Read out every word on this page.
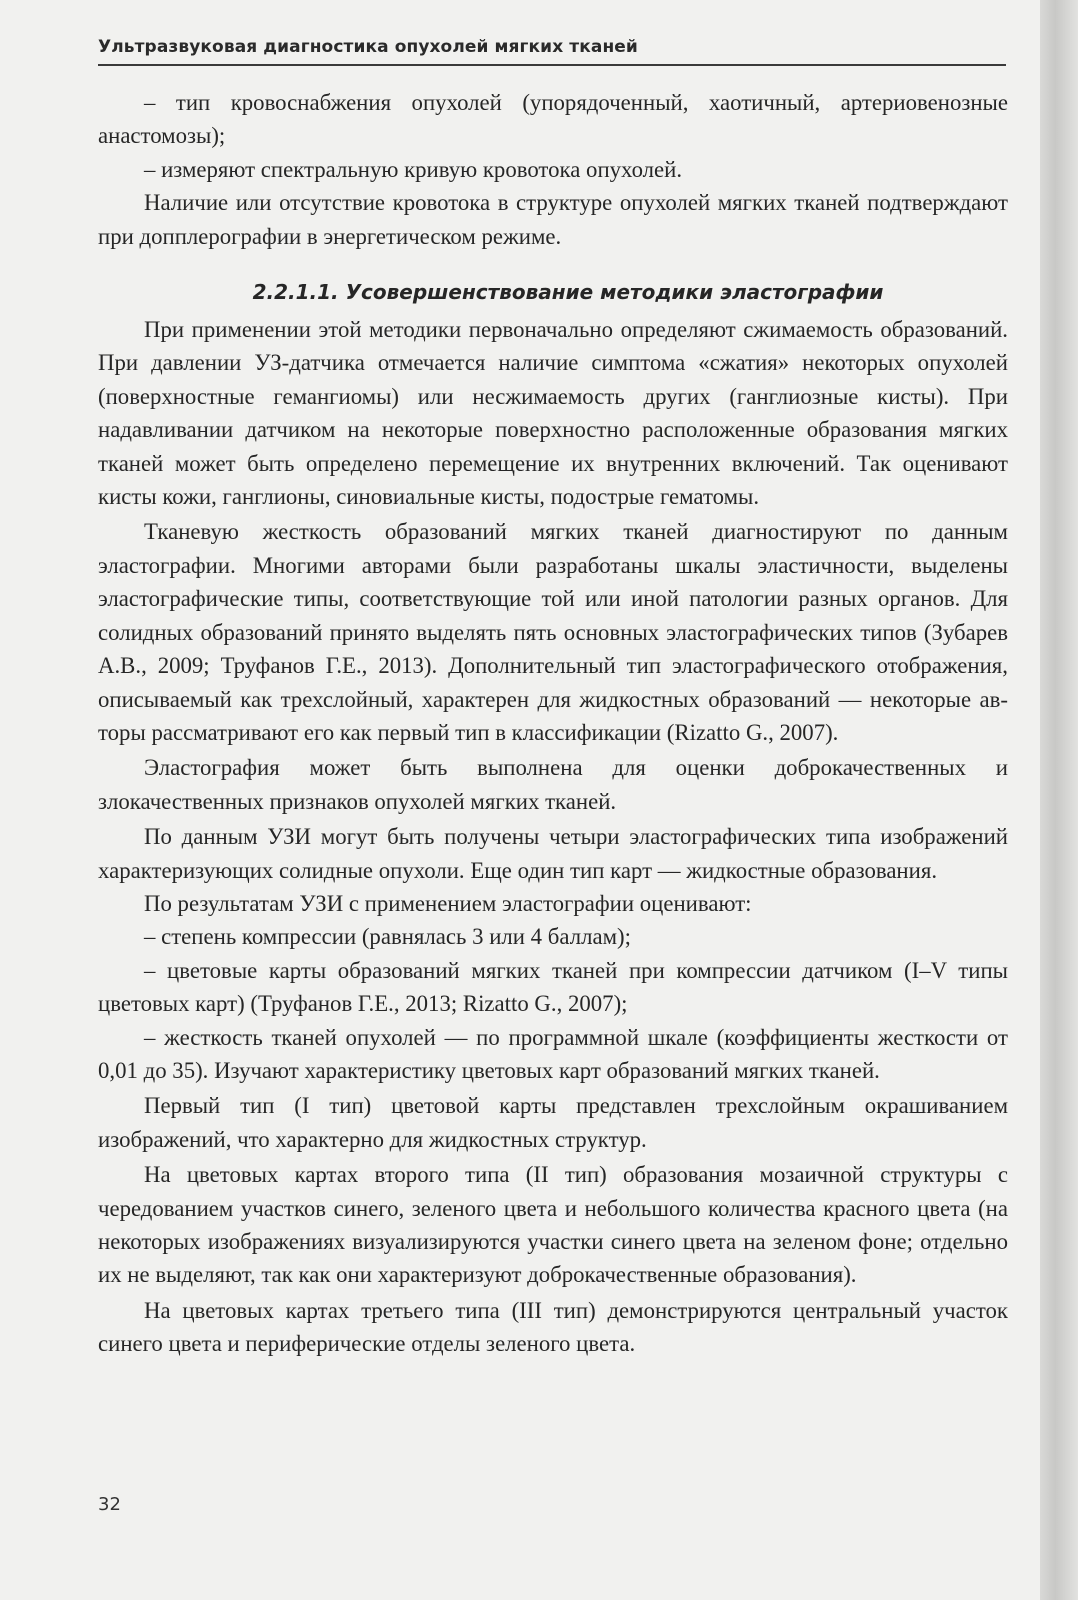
Ультразвуковая диагностика опухолей мягких тканей

– тип кровоснабжения опухолей (упорядоченный, хаотичный, артериовенозные анастомозы);

– измеряют спектральную кривую кровотока опухолей.

Наличие или отсутствие кровотока в структуре опухолей мягких тканей подтверждают при допплерографии в энергетическом режиме.

2.2.1.1. Усовершенствование методики эластографии

При применении этой методики первоначально определяют сжимаемость образований. При давлении УЗ-датчика отмечается наличие симптома «сжатия» некоторых опухолей (поверхностные гемангиомы) или несжимаемость других (ганглиозные кисты). При надавливании датчиком на некоторые поверхностно расположенные образования мягких тканей может быть определено перемещение их внутренних включений. Так оценивают кисты кожи, ганглионы, синовиальные кисты, подострые гематомы.

Тканевую жесткость образований мягких тканей диагностируют по данным эластографии. Многими авторами были разработаны шкалы эластичности, выделены эластографические типы, соответствующие той или иной патологии разных органов. Для солидных образований принято выделять пять основных эластографических типов (Зубарев А.В., 2009; Труфанов Г.Е., 2013). Дополнительный тип эластографического отображения, описываемый как трехслойный, характерен для жидкостных образований — некоторые авторы рассматривают его как первый тип в классификации (Rizatto G., 2007).

Эластография может быть выполнена для оценки доброкачественных и злокачественных признаков опухолей мягких тканей.

По данным УЗИ могут быть получены четыри эластографических типа изображений характеризующих солидные опухоли. Еще один тип карт — жидкостные образования.

По результатам УЗИ с применением эластографии оценивают:

– степень компрессии (равнялась 3 или 4 баллам);

– цветовые карты образований мягких тканей при компрессии датчиком (I–V типы цветовых карт) (Труфанов Г.Е., 2013; Rizatto G., 2007);

– жесткость тканей опухолей — по программной шкале (коэффициенты жесткости от 0,01 до 35). Изучают характеристику цветовых карт образований мягких тканей.

Первый тип (I тип) цветовой карты представлен трехслойным окрашиванием изображений, что характерно для жидкостных структур.

На цветовых картах второго типа (II тип) образования мозаичной структуры с чередованием участков синего, зеленого цвета и небольшого количества красного цвета (на некоторых изображениях визуализируются участки синего цвета на зеленом фоне; отдельно их не выделяют, так как они характеризуют доброкачественные образования).

На цветовых картах третьего типа (III тип) демонстрируются центральный участок синего цвета и периферические отделы зеленого цвета.

32
